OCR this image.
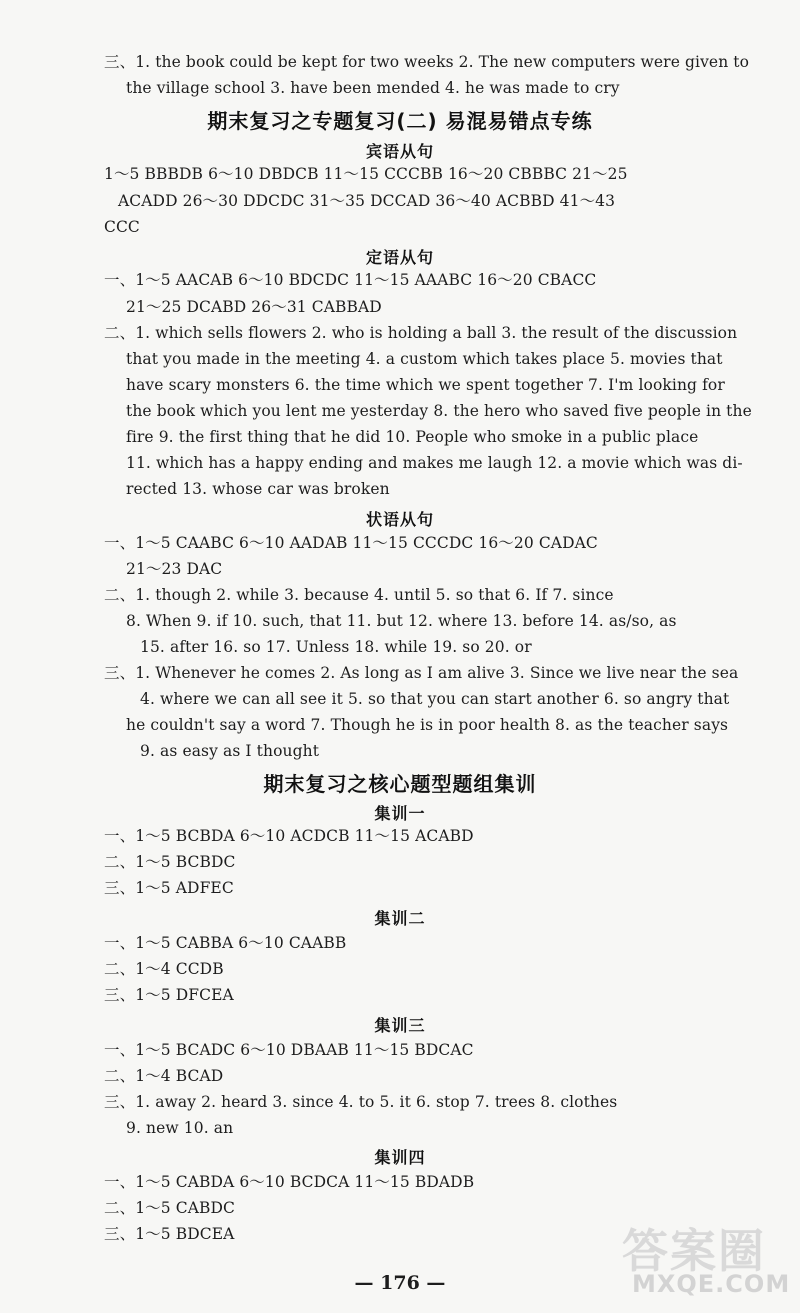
三、1. the book could be kept for two weeks 2. The new computers were given to
the village school 3. have been mended 4. he was made to cry
期末复习之专题复习(二) 易混易错点专练
宾语从句
1～5 BBBDB 6～10 DBDCB 11～15 CCCBB 16～20 CBBBC 21～25
ACADD 26～30 DDCDC 31～35 DCCAD 36～40 ACBBD 41～43
CCC
定语从句
一、1～5 AACAB 6～10 BDCDC 11～15 AAABC 16～20 CBACC
21～25 DCABD 26～31 CABBAD
二、1. which sells flowers 2. who is holding a ball 3. the result of the discussion
that you made in the meeting 4. a custom which takes place 5. movies that
have scary monsters 6. the time which we spent together 7. I'm looking for
the book which you lent me yesterday 8. the hero who saved five people in the
fire 9. the first thing that he did 10. People who smoke in a public place
11. which has a happy ending and makes me laugh 12. a movie which was di-
rected 13. whose car was broken
状语从句
一、1～5 CAABC 6～10 AADAB 11～15 CCCDC 16～20 CADAC
21～23 DAC
二、1. though 2. while 3. because 4. until 5. so that 6. If 7. since
8. When 9. if 10. such, that 11. but 12. where 13. before 14. as/so, as
15. after 16. so 17. Unless 18. while 19. so 20. or
三、1. Whenever he comes 2. As long as I am alive 3. Since we live near the sea
4. where we can all see it 5. so that you can start another 6. so angry that
he couldn't say a word 7. Though he is in poor health 8. as the teacher says
9. as easy as I thought
期末复习之核心题型题组集训
集训一
一、1～5 BCBDA 6～10 ACDCB 11～15 ACABD
二、1～5 BCBDC
三、1～5 ADFEC
集训二
一、1～5 CABBA 6～10 CAABB
二、1～4 CCDB
三、1～5 DFCEA
集训三
一、1～5 BCADC 6～10 DBAAB 11～15 BDCAC
二、1～4 BCAD
三、1. away 2. heard 3. since 4. to 5. it 6. stop 7. trees 8. clothes
9. new 10. an
集训四
一、1～5 CABDA 6～10 BCDCA 11～15 BDADB
二、1～5 CABDC
三、1～5 BDCEA
— 176 —
答案圈
MXQE.COM
